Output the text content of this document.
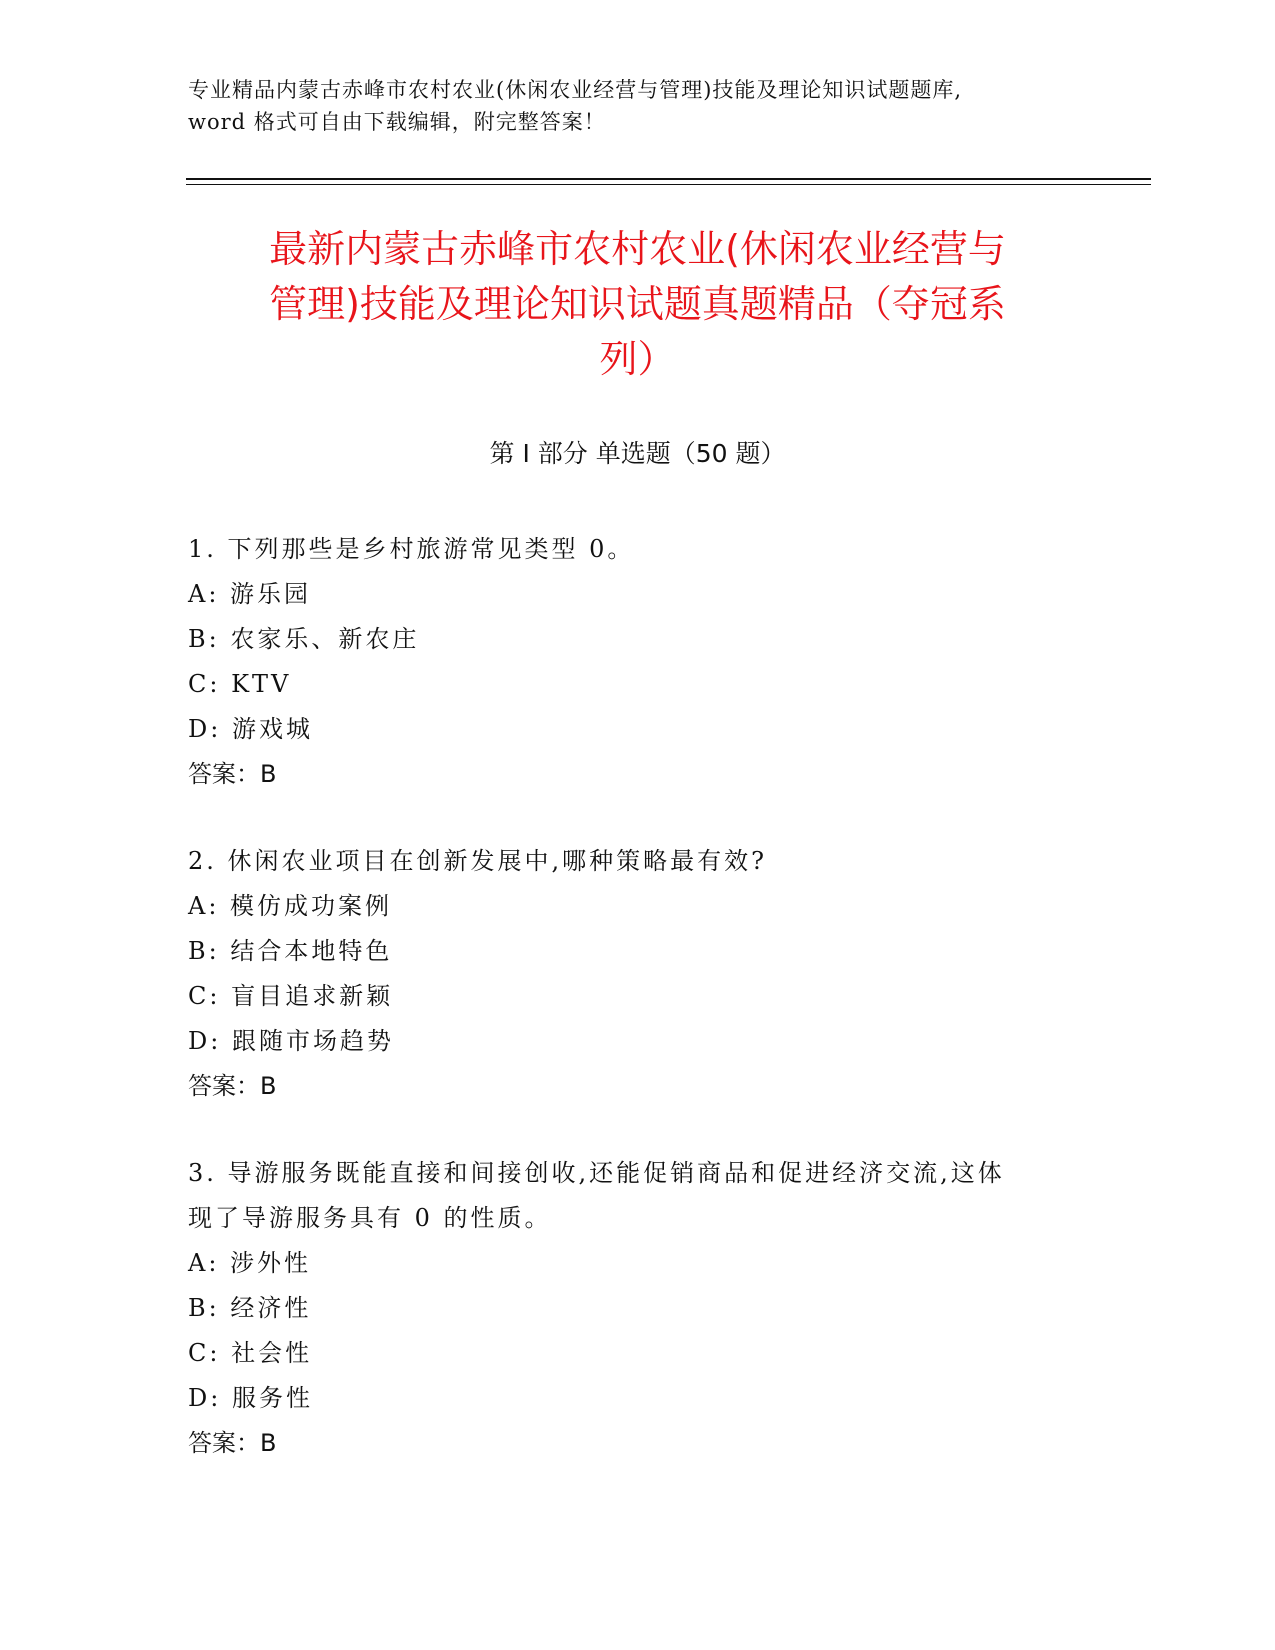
专业精品内蒙古赤峰市农村农业(休闲农业经营与管理)技能及理论知识试题题库,
word 格式可自由下载编辑，附完整答案！
最新内蒙古赤峰市农村农业(休闲农业经营与
管理)技能及理论知识试题真题精品（夺冠系
列）
第 I 部分 单选题（50 题）
1. 下列那些是乡村旅游常见类型 0。
A: 游乐园
B: 农家乐、新农庄
C: KTV
D: 游戏城
答案：B
2. 休闲农业项目在创新发展中,哪种策略最有效?
A: 模仿成功案例
B: 结合本地特色
C: 盲目追求新颖
D: 跟随市场趋势
答案：B
3. 导游服务既能直接和间接创收,还能促销商品和促进经济交流,这体
现了导游服务具有 0 的性质。
A: 涉外性
B: 经济性
C: 社会性
D: 服务性
答案：B
